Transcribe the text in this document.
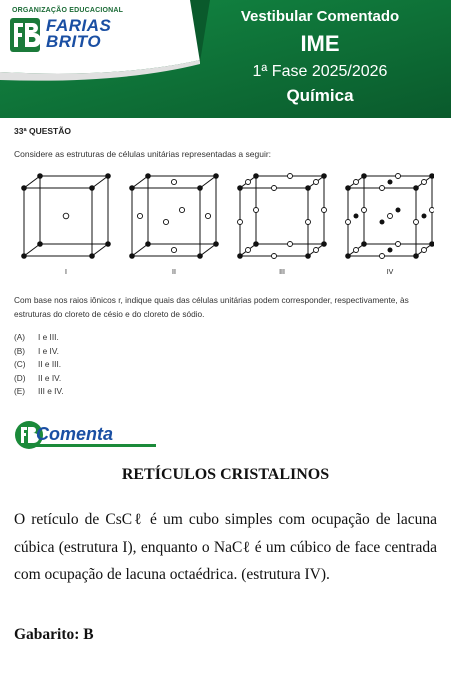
ORGANIZAÇÃO EDUCACIONAL
FARIAS
BRITO
Vestibular Comentado
IME
1ª Fase 2025/2026
Química
33ª QUESTÃO
Considere as estruturas de células unitárias representadas a seguir:
I	II	III	IV
Com base nos raios iônicos r, indique quais das células unitárias podem corresponder, respectivamente, às estruturas do cloreto de césio e do cloreto de sódio.
(A) I e III.
(B) I e IV.
(C) II e III.
(D) II e IV.
(E) III e IV.
Comenta
RETÍCULOS CRISTALINOS
O retículo de CsCℓ é um cubo simples com ocupação de lacuna cúbica (estrutura I), enquanto o NaCℓ é um cúbico de face centrada com ocupação de lacuna octaédrica. (estrutura IV).
Gabarito: B
